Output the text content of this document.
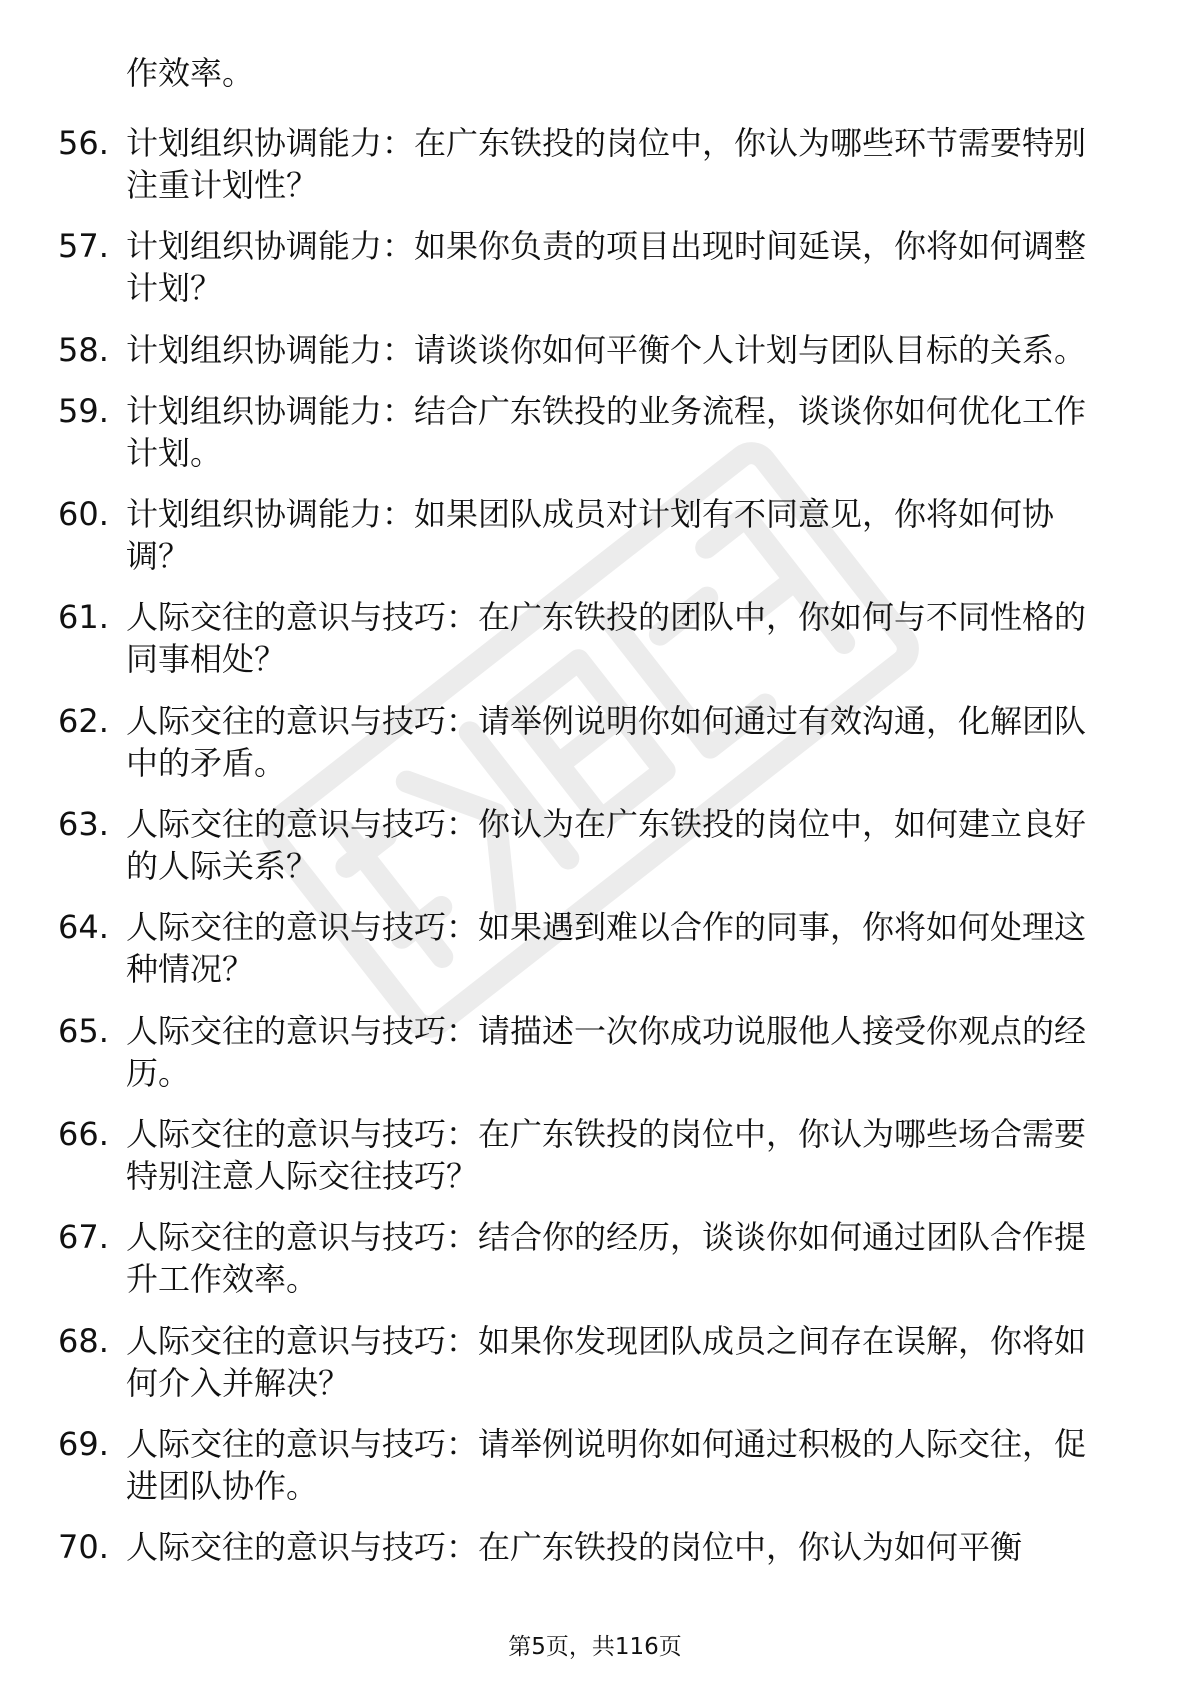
作效率。
56. 计划组织协调能力：在广东铁投的岗位中，你认为哪些环节需要特别注重计划性？
57. 计划组织协调能力：如果你负责的项目出现时间延误，你将如何调整计划？
58. 计划组织协调能力：请谈谈你如何平衡个人计划与团队目标的关系。
59. 计划组织协调能力：结合广东铁投的业务流程，谈谈你如何优化工作计划。
60. 计划组织协调能力：如果团队成员对计划有不同意见，你将如何协调？
61. 人际交往的意识与技巧：在广东铁投的团队中，你如何与不同性格的同事相处？
62. 人际交往的意识与技巧：请举例说明你如何通过有效沟通，化解团队中的矛盾。
63. 人际交往的意识与技巧：你认为在广东铁投的岗位中，如何建立良好的人际关系？
64. 人际交往的意识与技巧：如果遇到难以合作的同事，你将如何处理这种情况？
65. 人际交往的意识与技巧：请描述一次你成功说服他人接受你观点的经历。
66. 人际交往的意识与技巧：在广东铁投的岗位中，你认为哪些场合需要特别注意人际交往技巧？
67. 人际交往的意识与技巧：结合你的经历，谈谈你如何通过团队合作提升工作效率。
68. 人际交往的意识与技巧：如果你发现团队成员之间存在误解，你将如何介入并解决？
69. 人际交往的意识与技巧：请举例说明你如何通过积极的人际交往，促进团队协作。
70. 人际交往的意识与技巧：在广东铁投的岗位中，你认为如何平衡
第5页，共116页
